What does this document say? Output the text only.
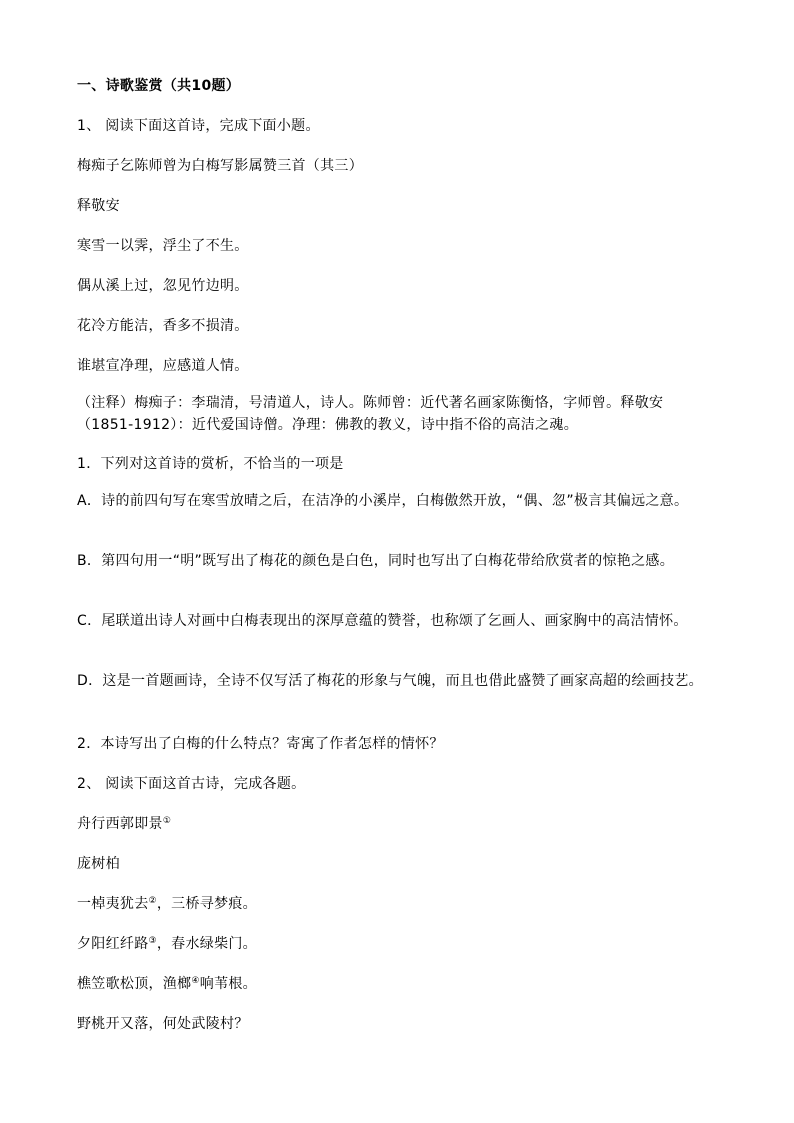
一、诗歌鉴赏（共10题）
1、 阅读下面这首诗，完成下面小题。
梅痴子乞陈师曾为白梅写影属赞三首（其三）
释敬安
寒雪一以霁，浮尘了不生。
偶从溪上过，忽见竹边明。
花冷方能洁，香多不损清。
谁堪宣净理，应感道人情。
（注释）梅痴子：李瑞清，号清道人，诗人。陈师曾：近代著名画家陈衡恪，字师曾。释敬安（1851-1912）：近代爱国诗僧。净理：佛教的教义，诗中指不俗的高洁之魂。
1．下列对这首诗的赏析，不恰当的一项是
A．诗的前四句写在寒雪放晴之后，在洁净的小溪岸，白梅傲然开放，“偶、忽”极言其偏远之意。
B．第四句用一“明”既写出了梅花的颜色是白色，同时也写出了白梅花带给欣赏者的惊艳之感。
C．尾联道出诗人对画中白梅表现出的深厚意蕴的赞誉，也称颂了乞画人、画家胸中的高洁情怀。
D．这是一首题画诗，全诗不仅写活了梅花的形象与气魄，而且也借此盛赞了画家高超的绘画技艺。
2．本诗写出了白梅的什么特点？寄寓了作者怎样的情怀？
2、 阅读下面这首古诗，完成各题。
舟行西郭即景①
庞树柏
一棹夷犹去②，三桥寻梦痕。
夕阳红纤路③，春水绿柴门。
樵笠歌松顶，渔榔④响苇根。
野桃开又落，何处武陵村？
